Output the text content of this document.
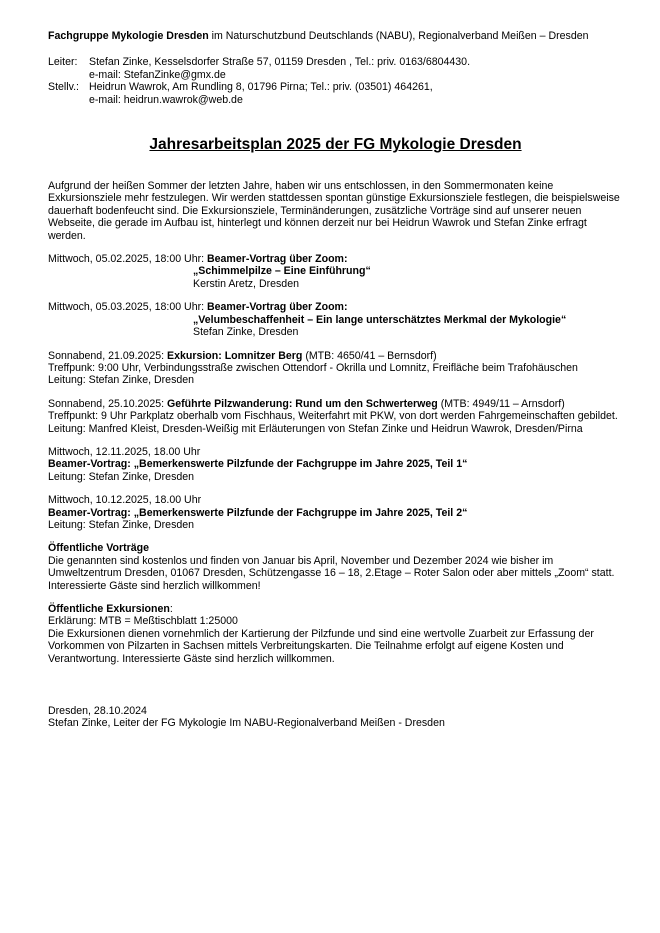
Fachgruppe Mykologie Dresden im Naturschutzbund Deutschlands (NABU), Regionalverband Meißen – Dresden
Leiter:	Stefan Zinke, Kesselsdorfer Straße 57, 01159 Dresden , Tel.: priv. 0163/6804430.
e-mail: StefanZinke@gmx.de
Stellv.: Heidrun Wawrok, Am Rundling 8, 01796 Pirna; Tel.: priv. (03501) 464261,
e-mail: heidrun.wawrok@web.de
Jahresarbeitsplan 2025 der FG Mykologie Dresden
Aufgrund der heißen Sommer der letzten Jahre, haben wir uns entschlossen, in den Sommermonaten keine Exkursionsziele mehr festzulegen. Wir werden stattdessen spontan günstige Exkursionsziele festlegen, die beispielsweise dauerhaft bodenfeucht sind. Die Exkursionsziele, Terminänderungen, zusätzliche Vorträge sind auf unserer neuen Webseite, die gerade im Aufbau ist, hinterlegt und können derzeit nur bei Heidrun Wawrok und Stefan Zinke erfragt werden.
Mittwoch, 05.02.2025, 18:00 Uhr: Beamer-Vortrag über Zoom:
„Schimmelpilze – Eine Einführung“
Kerstin Aretz, Dresden
Mittwoch, 05.03.2025, 18:00 Uhr: Beamer-Vortrag über Zoom:
„Velumbeschaffenheit – Ein lange unterschätztes Merkmal der Mykologie“
Stefan Zinke, Dresden
Sonnabend, 21.09.2025: Exkursion: Lomnitzer Berg (MTB: 4650/41 – Bernsdorf)
Treffpunk: 9:00 Uhr, Verbindungsstraße zwischen Ottendorf - Okrilla und Lomnitz, Freifläche beim Trafohäuschen
Leitung: Stefan Zinke, Dresden
Sonnabend, 25.10.2025: Geführte Pilzwanderung: Rund um den Schwerterweg (MTB: 4949/11 – Arnsdorf)
Treffpunkt: 9 Uhr Parkplatz oberhalb vom Fischhaus, Weiterfahrt mit PKW, von dort werden Fahrgemeinschaften gebildet.
Leitung: Manfred Kleist, Dresden-Weißig mit Erläuterungen von Stefan Zinke und Heidrun Wawrok, Dresden/Pirna
Mittwoch, 12.11.2025, 18.00 Uhr
Beamer-Vortrag: „Bemerkenswerte Pilzfunde der Fachgruppe im Jahre 2025, Teil 1“
Leitung: Stefan Zinke, Dresden
Mittwoch, 10.12.2025, 18.00 Uhr
Beamer-Vortrag: „Bemerkenswerte Pilzfunde der Fachgruppe im Jahre 2025, Teil 2“
Leitung: Stefan Zinke, Dresden
Öffentliche Vorträge
Die genannten sind kostenlos und finden von Januar bis April, November und Dezember 2024 wie bisher im Umweltzentrum Dresden, 01067 Dresden, Schützengasse 16 – 18, 2.Etage – Roter Salon oder aber mittels „Zoom“ statt. Interessierte Gäste sind herzlich willkommen!
Öffentliche Exkursionen:
Erklärung: MTB = Meßtischblatt 1:25000
Die Exkursionen dienen vornehmlich der Kartierung der Pilzfunde und sind eine wertvolle Zuarbeit zur Erfassung der Vorkommen von Pilzarten in Sachsen mittels Verbreitungskarten. Die Teilnahme erfolgt auf eigene Kosten und Verantwortung. Interessierte Gäste sind herzlich willkommen.
Dresden, 28.10.2024
Stefan Zinke, Leiter der FG Mykologie Im NABU-Regionalverband Meißen - Dresden
